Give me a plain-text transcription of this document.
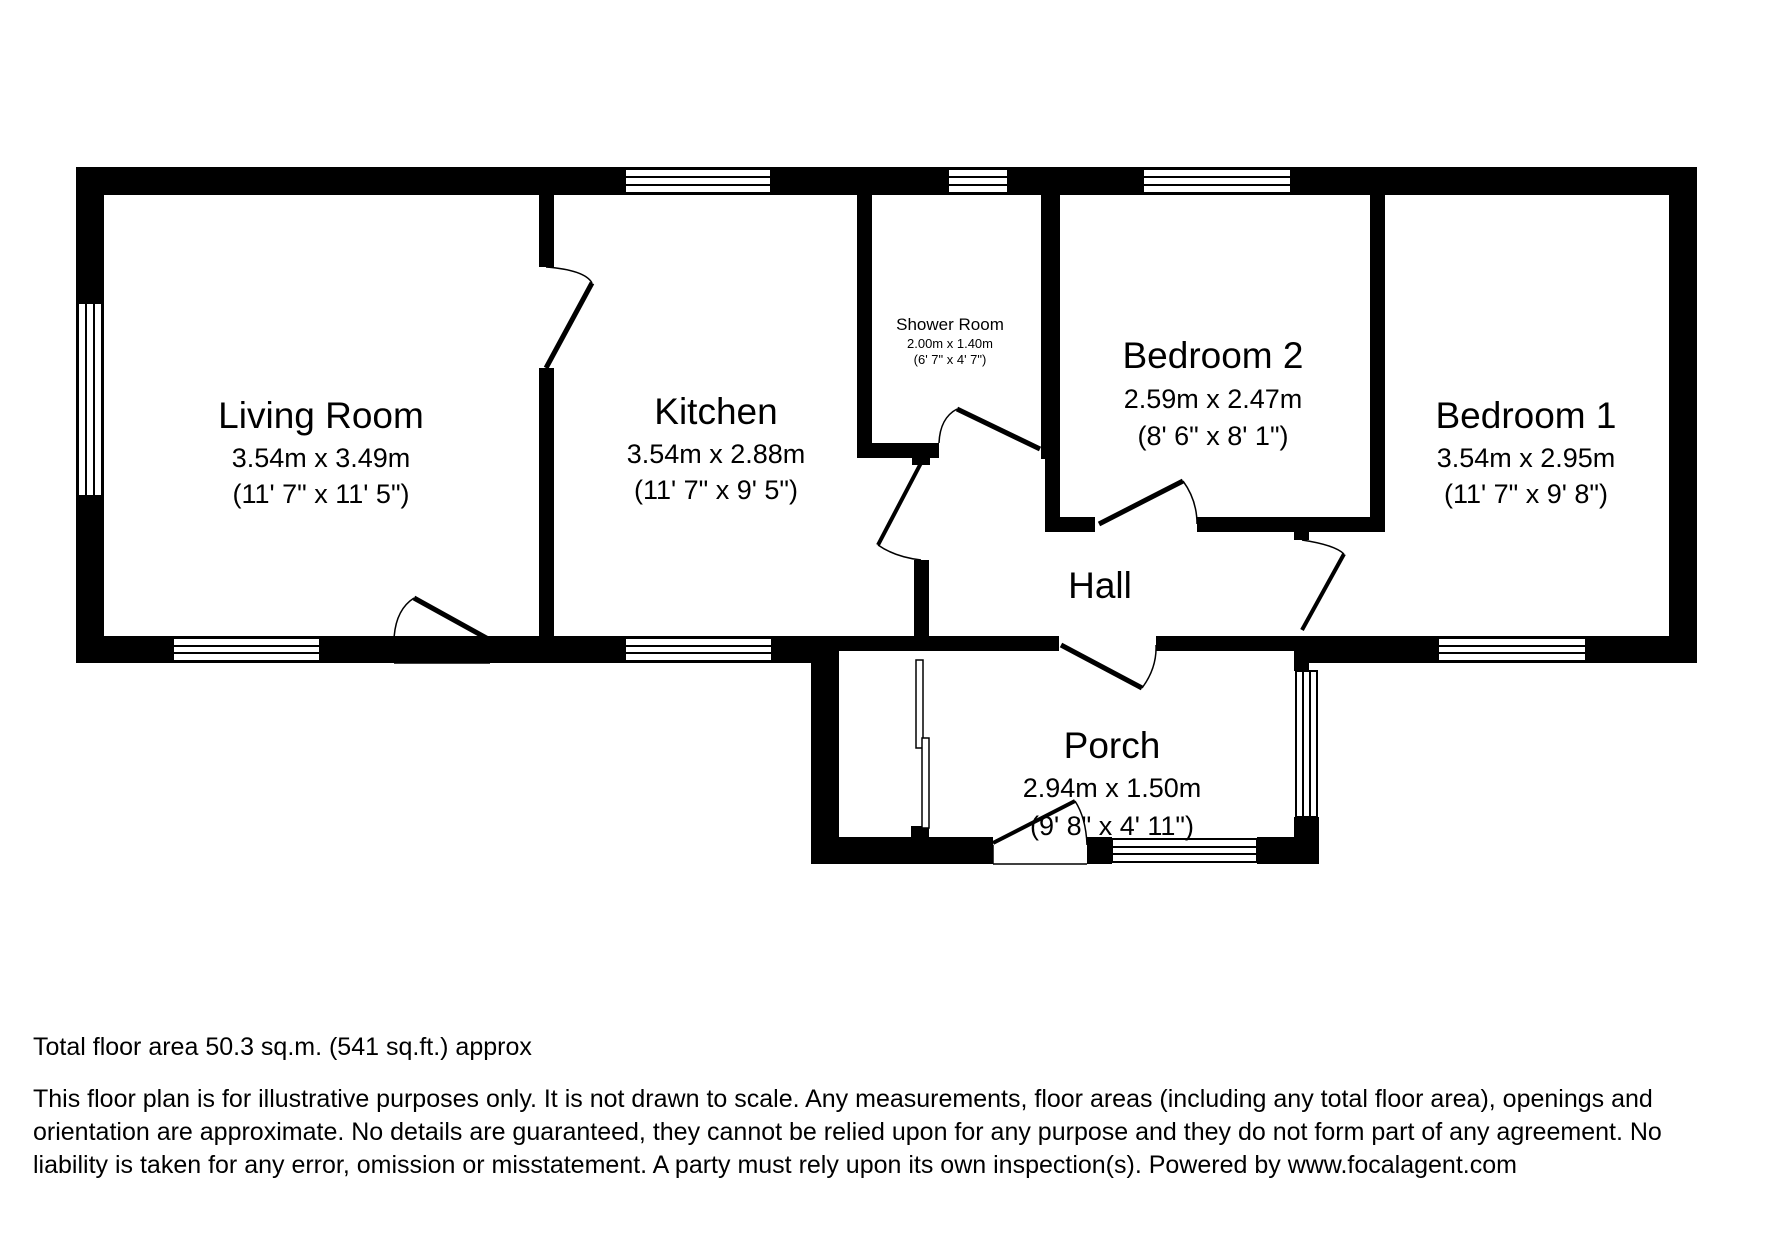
Living Room
3.54m x 3.49m
(11' 7" x 11' 5")
Kitchen
3.54m x 2.88m
(11' 7" x 9' 5")
Shower Room
2.00m x 1.40m
(6' 7" x 4' 7")	Bedroom 2
2.59m x 2.47m
(8' 6" x 8' 1")	Bedroom 1
3.54m x 2.95m
(11' 7" x 9' 8")
Hall
Porch
2.94m x 1.50m
(9' 8" x 4' 11")
Total floor area 50.3 sq.m. (541 sq.ft.) approx
This floor plan is for illustrative purposes only. It is not drawn to scale. Any measurements, floor areas (including any total floor area), openings and orientation are approximate. No details are guaranteed, they cannot be relied upon for any purpose and they do not form part of any agreement. No liability is taken for any error, omission or misstatement. A party must rely upon its own inspection(s). Powered by www.focalagent.com
